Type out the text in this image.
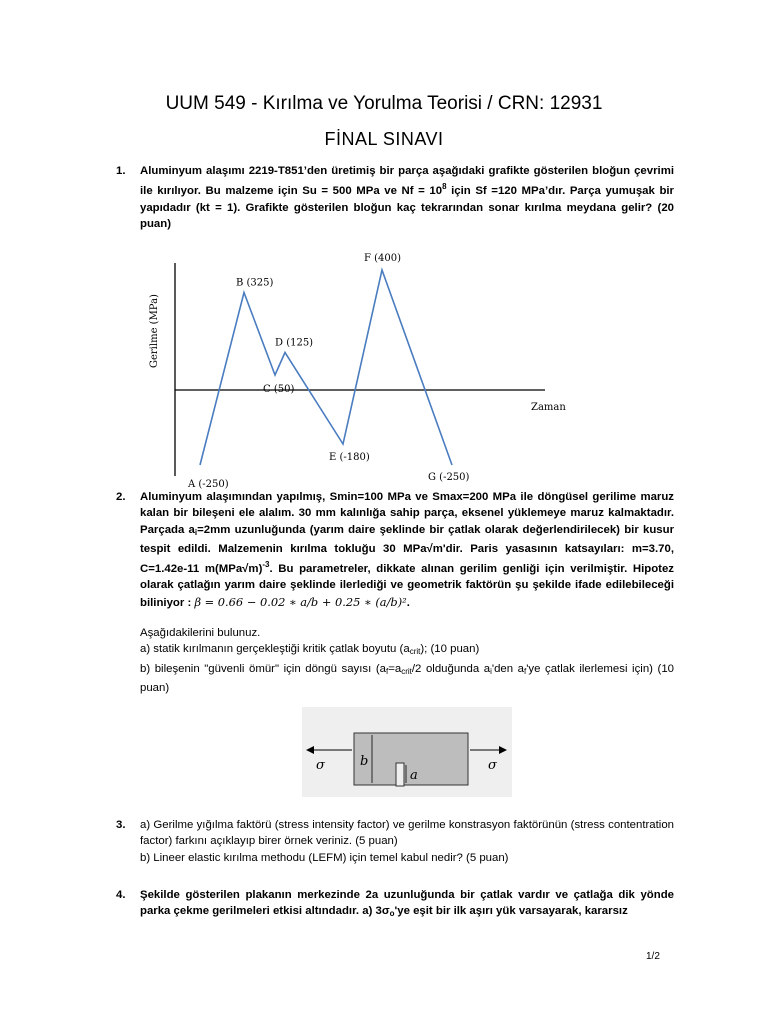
UUM 549 - Kırılma ve Yorulma Teorisi / CRN: 12931
FİNAL SINAVI
1. Aluminyum alaşımı 2219-T851’den üretimiş bir parça aşağıdaki grafikte gösterilen bloğun çevrimi ile kırılıyor. Bu malzeme için Su = 500 MPa ve $Nf = 10^8$ için Sf =120 MPa’dır. Parça yumuşak bir yapıdadır (kt = 1). Grafikte gösterilen bloğun kaç tekrarından sonar kırılma meydana gelir? (20 puan)
A (-250)
B (325)
C (50)
D (125)
E (-180)
F (400)
G (-250)
Zaman
Gerilme (MPa)
2. Aluminyum alaşımından yapılmış, Smin=100 MPa ve Smax=200 MPa ile döngüsel gerilime maruz kalan bir bileşeni ele alalım. 30 mm kalınlığa sahip parça, eksenel yüklemeye maruz kalmaktadır. Parçada $a_i=2mm$ uzunluğunda (yarım daire şeklinde bir çatlak olarak değerlendirilecek) bir kusur tespit edildi. Malzemenin kırılma tokluğu 30 MPa√m'dir. Paris yasasının katsayıları: m=3.70, C=1.42e-11 $m(MPa√m)^{-3}$. Bu parametreler, dikkate alınan gerilim genliği için verilmiştir. Hipotez olarak çatlağın yarım daire şeklinde ilerlediği ve geometrik faktörün şu şekilde ifade edilebileceği biliniyor : β = 0.66 − 0.02 ∗ a/b + 0.25 ∗ (a/b)².
Aşağıdakilerini bulunuz.
a) statik kırılmanın gerçekleştiği kritik çatlak boyutu $(a_{crit})$; (10 puan)
b) bileşenin "güvenli ömür" için döngü sayısı ($a_f=a_{crit}/2$ olduğunda $a_i'den$ $a_f'ye$ çatlak ilerlemesi için) (10 puan)
σ	σ
b
a
3. a) Gerilme yığılma faktörü (stress intensity factor) ve gerilme konstrasyon faktörünün (stress contentration factor) farkını açıklayıp birer örnek veriniz. (5 puan)
b) Lineer elastic kırılma methodu (LEFM) için temel kabul nedir? (5 puan)
4. Şekilde gösterilen plakanın merkezinde 2a uzunluğunda bir çatlak vardır ve çatlağa dik yönde parka çekme gerilmeleri etkisi altındadır. a) $3\sigma_o'ye$ eşit bir ilk aşırı yük varsayarak, kararsız
1/2
